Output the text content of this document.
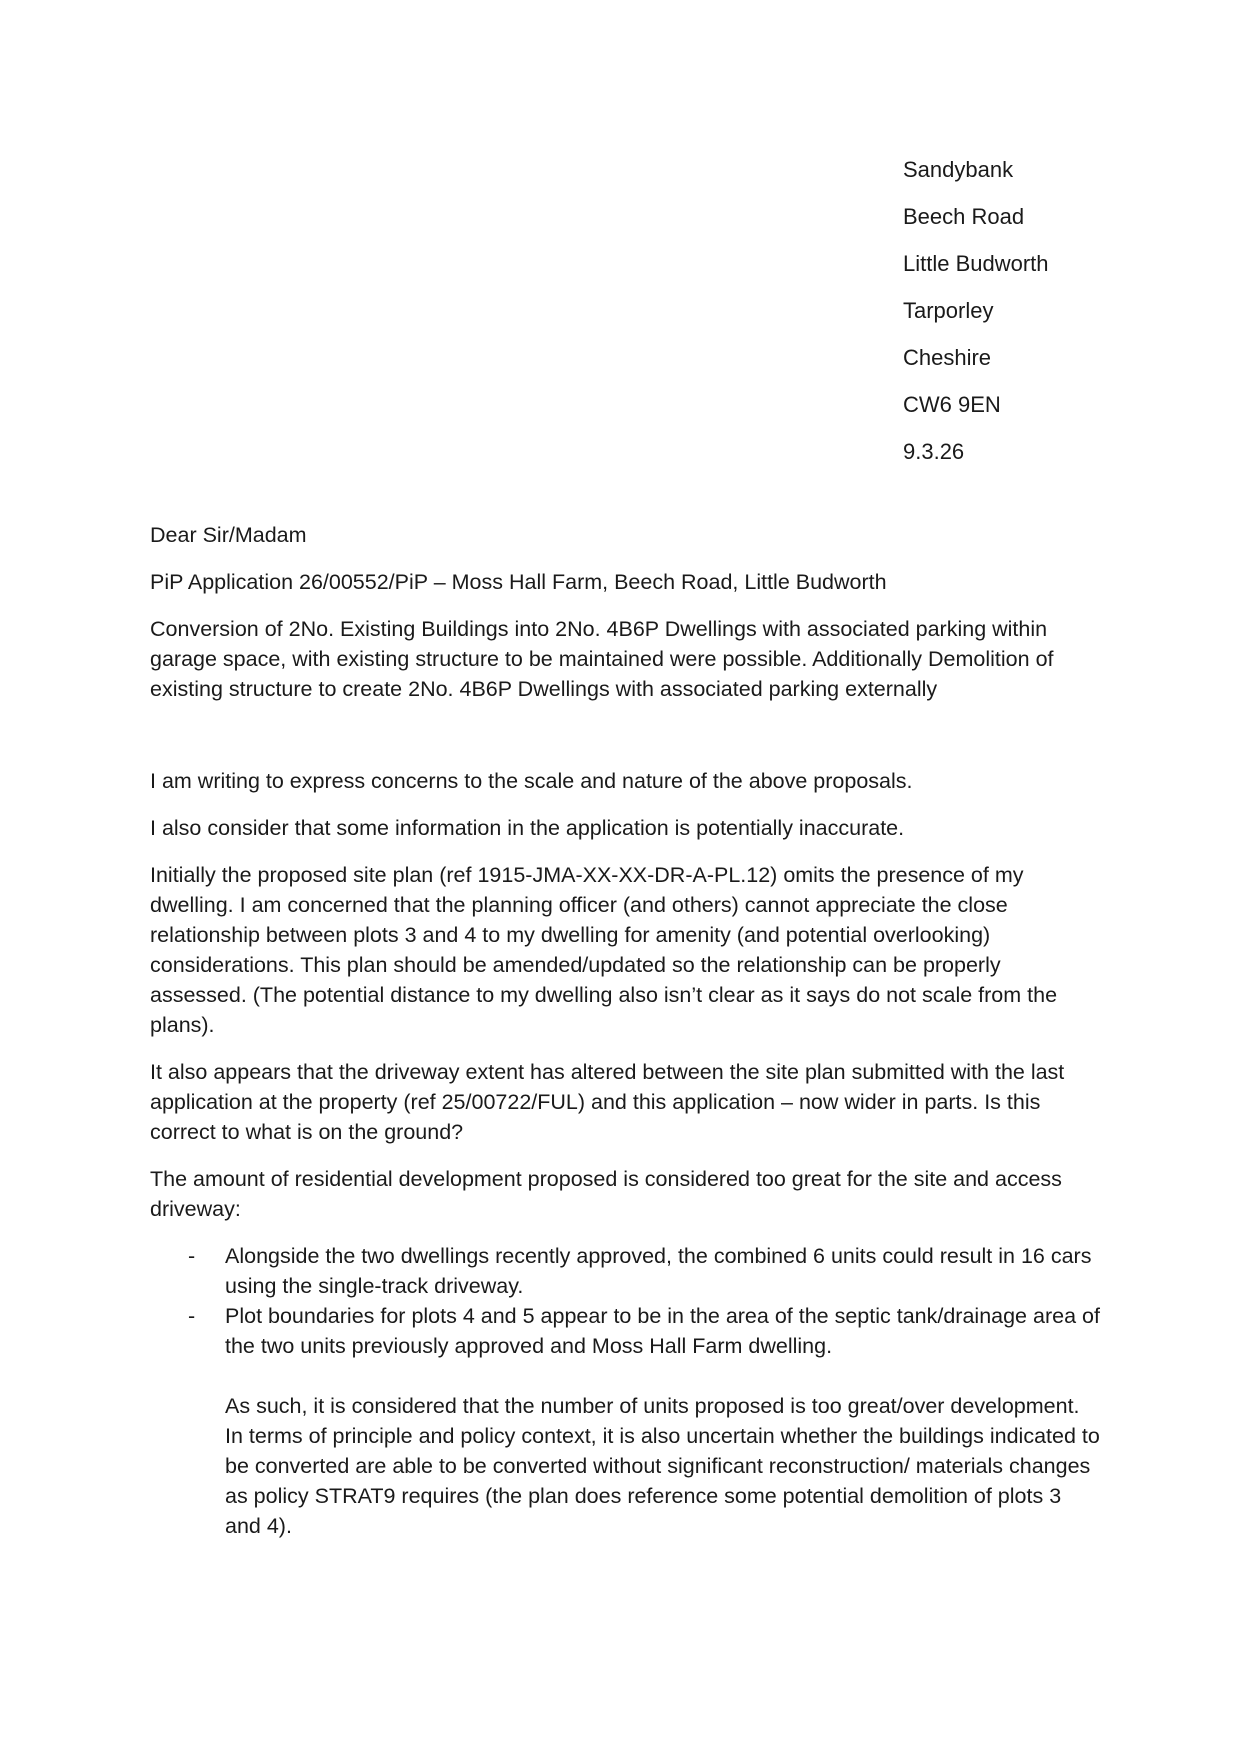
Sandybank
Beech Road
Little Budworth
Tarporley
Cheshire
CW6 9EN
9.3.26

Dear Sir/Madam

PiP Application 26/00552/PiP – Moss Hall Farm, Beech Road, Little Budworth

Conversion of 2No. Existing Buildings into 2No. 4B6P Dwellings with associated parking within garage space, with existing structure to be maintained were possible. Additionally Demolition of existing structure to create 2No. 4B6P Dwellings with associated parking externally

I am writing to express concerns to the scale and nature of the above proposals.

I also consider that some information in the application is potentially inaccurate.

Initially the proposed site plan (ref 1915-JMA-XX-XX-DR-A-PL.12) omits the presence of my dwelling. I am concerned that the planning officer (and others) cannot appreciate the close relationship between plots 3 and 4 to my dwelling for amenity (and potential overlooking) considerations. This plan should be amended/updated so the relationship can be properly assessed. (The potential distance to my dwelling also isn’t clear as it says do not scale from the plans).

It also appears that the driveway extent has altered between the site plan submitted with the last application at the property (ref 25/00722/FUL) and this application – now wider in parts. Is this correct to what is on the ground?

The amount of residential development proposed is considered too great for the site and access driveway:

- Alongside the two dwellings recently approved, the combined 6 units could result in 16 cars using the single-track driveway.
- Plot boundaries for plots 4 and 5 appear to be in the area of the septic tank/drainage area of the two units previously approved and Moss Hall Farm dwelling.
As such, it is considered that the number of units proposed is too great/over development.
In terms of principle and policy context, it is also uncertain whether the buildings indicated to be converted are able to be converted without significant reconstruction/ materials changes as policy STRAT9 requires (the plan does reference some potential demolition of plots 3 and 4).
